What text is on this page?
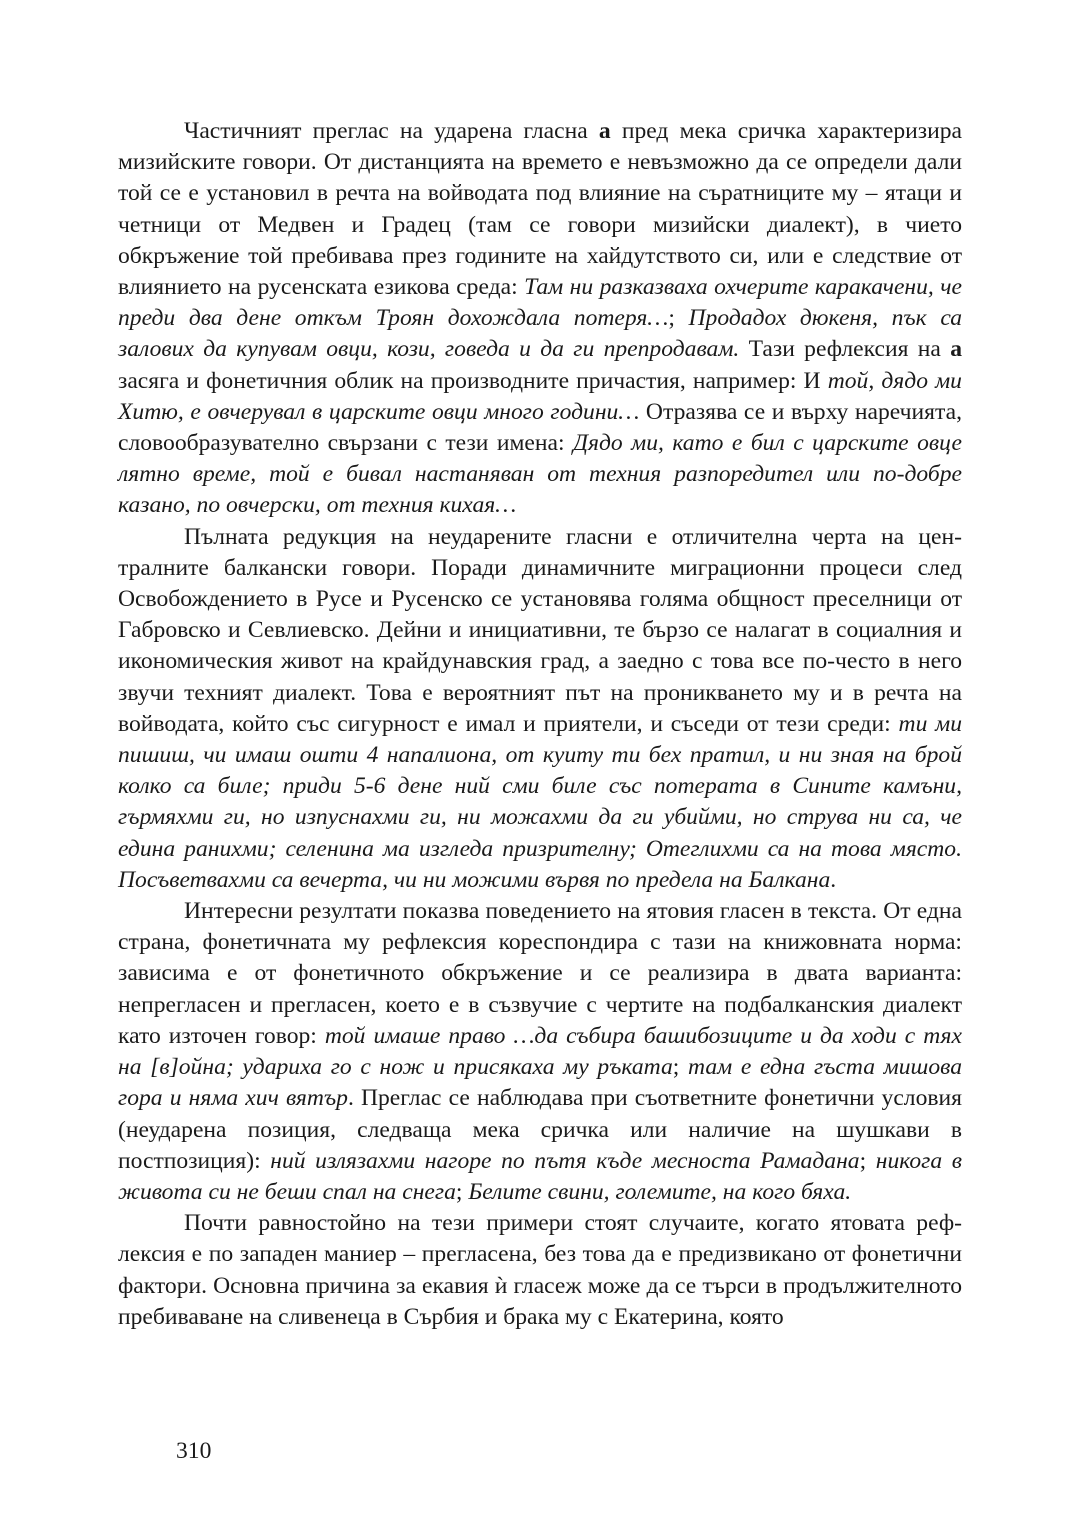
Частичният преглас на ударена гласна а пред мека сричка характеризира мизийските говори. От дистанцията на времето е невъзможно да се определи дали той се е установил в речта на войводата под влияние на съратниците му – ятаци и четници от Медвен и Градец (там се говори мизийски диалект), в чието обкръжение той пребивава през годините на хайдутството си, или е следствие от влиянието на русенската езикова среда: Там ни разказваха охчерите каракачени, че преди два дене откъм Троян дохождала потеря…; Продадох дюкеня, пък са залових да купувам овци, кози, говеда и да ги препродавам. Тази рефлексия на а засяга и фонетичния облик на производните причастия, например: И той, дядо ми Хитю, е овчерувал в царските овци много години… Отразява се и върху наречията, словообразувателно свързани с тези имена: Дядо ми, като е бил с царските овце лятно време, той е бивал настаняван от техния разпоредител или по-добре казано, по овчерски, от техния кихая…

Пълната редукция на неударените гласни е отличителна черта на централните балкански говори. Поради динамичните миграционни процеси след Освобождението в Русе и Русенско се установява голяма общност преселници от Габровско и Севлиевско. Дейни и инициативни, те бързо се налагат в социалния и икономическия живот на крайдунавския град, а заедно с това все по-често в него звучи техният диалект. Това е вероятният път на проникването му и в речта на войводата, който със сигурност е имал и приятели, и съседи от тези среди: ти ми пишиш, чи имаш ошти 4 напалиона, от куиту ти бех пратил, и ни зная на брой колко са биле; приди 5-6 дене ний сми биле със потерата в Сините камъни, гърмяхми ги, но изпуснахми ги, ни можахми да ги убийми, но струва ни са, че едина ранихми; селенина ма изгледа призрителну; Отеглихми са на това място. Посъветвахми са вечерта, чи ни можими вървя по предела на Балкана.

Интересни резултати показва поведението на ятовия гласен в текста. От една страна, фонетичната му рефлексия кореспондира с тази на книжовната норма: зависима е от фонетичното обкръжение и се реализира в двата варианта: непрегласен и прегласен, което е в съзвучие с чертите на подбалканския диалект като източен говор: той имаше право …да събира башибозиците и да ходи с тях на [в]ойна; удариха го с нож и присякаха му ръката; там е една гъста мишова гора и няма хич вятър. Преглас се наблюдава при съответните фонетични условия (неударена позиция, следваща мека сричка или наличие на шушкави в постпозиция): ний излязахми нагоре по пътя къде месноста Рамадана; никога в живота си не беши спал на снега; Белите свини, големите, на кого бяха.

Почти равностойно на тези примери стоят случаите, когато ятовата рефлексия е по западен маниер – прегласена, без това да е предизвикано от фонетични фактори. Основна причина за екавия ѝ гласеж може да се търси в продължителното пребиваване на сливенеца в Сърбия и брака му с Екатерина, която

310
